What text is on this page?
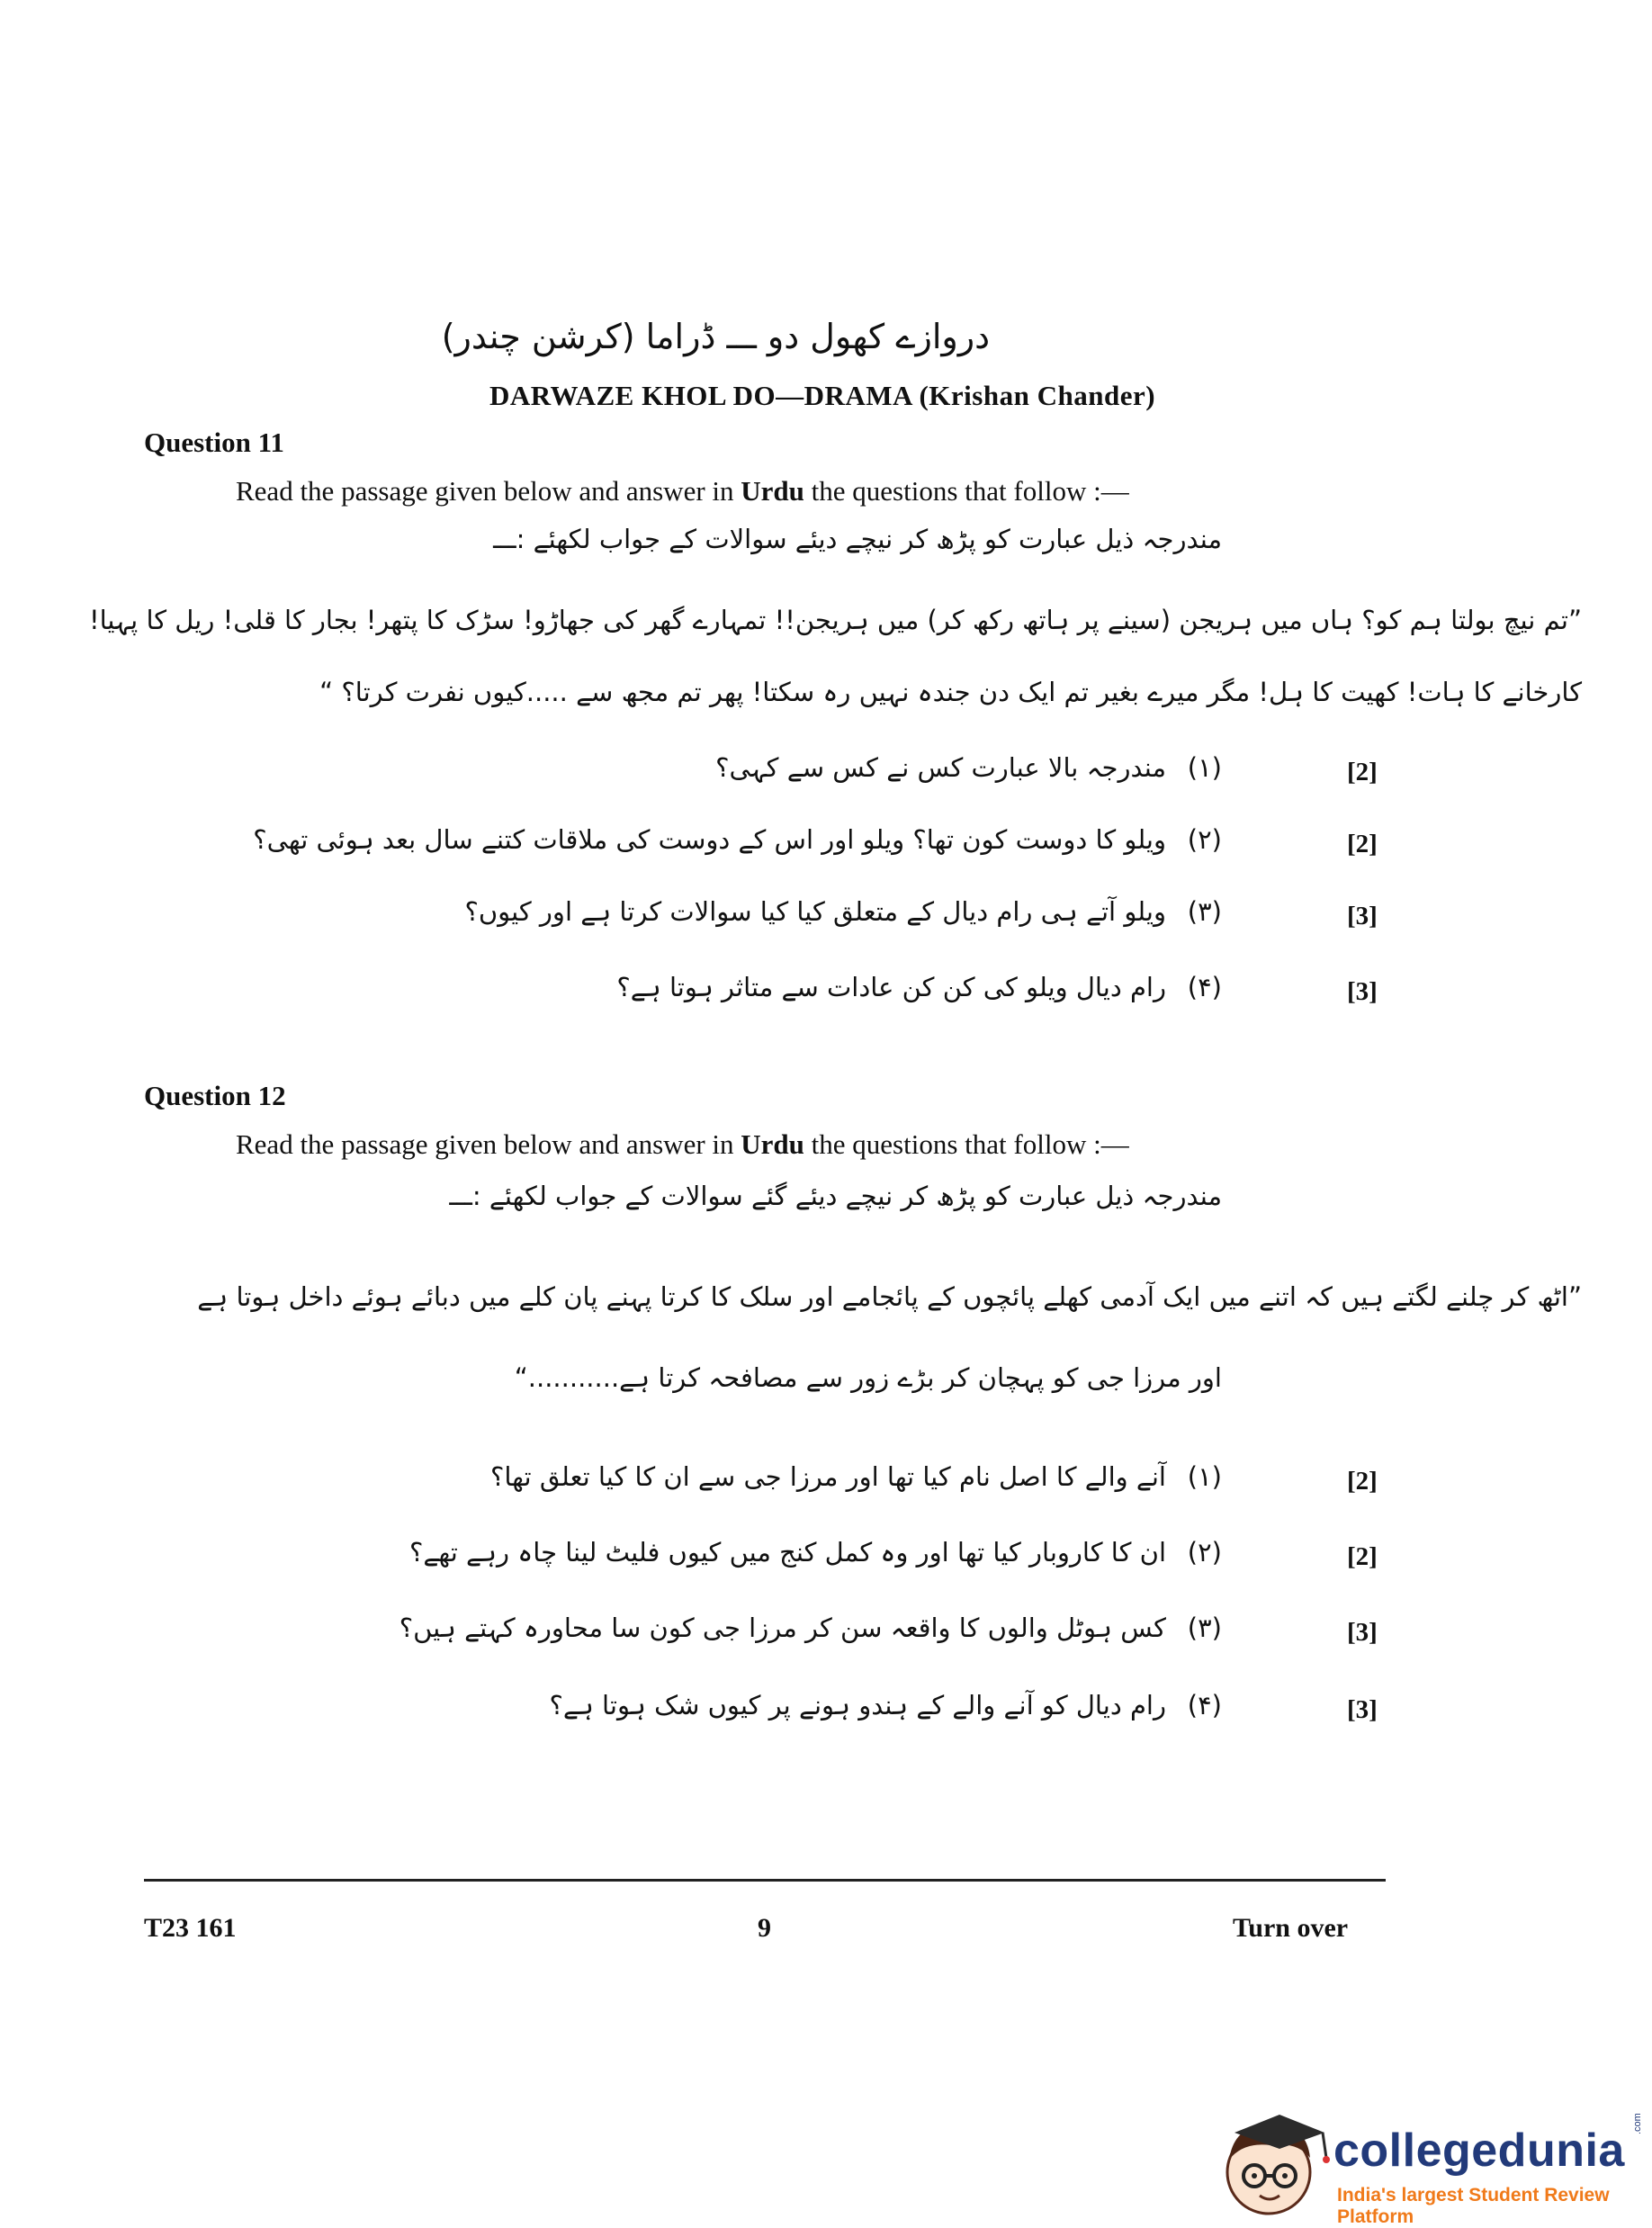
دروازے کھول دو ـــ ڈراما (کرشن چندر)
DARWAZE KHOL DO—DRAMA (Krishan Chander)
Question 11
Read the passage given below and answer in Urdu the questions that follow :—
مندرجہ ذیل عبارت کو پڑھ کر نیچے دیئے سوالات کے جواب لکھئے :ـــ
”تم نیچ بولتا ہم کو؟ ہاں میں ہریجن (سینے پر ہاتھ رکھ کر) میں ہریجن!! تمہارے گھر کی جھاڑو! سڑک کا پتھر! بجار کا قلی! ریل کا پہیا!
کارخانے کا ہات! کھیت کا ہل! مگر میرے بغیر تم ایک دن جندہ نہیں رہ سکتا! پھر تم مجھ سے .....کیوں نفرت کرتا؟ “
(۱)
مندرجہ بالا عبارت کس نے کس سے کہی؟	[2]
(۲)
ویلو کا دوست کون تھا؟ ویلو اور اس کے دوست کی ملاقات کتنے سال بعد ہوئی تھی؟	[2]
(۳)
ویلو آتے ہی رام دیال کے متعلق کیا کیا سوالات کرتا ہے اور کیوں؟	[3]
(۴)
رام دیال ویلو کی کن کن عادات سے متاثر ہوتا ہے؟	[3]
Question 12
Read the passage given below and answer in Urdu the questions that follow :—
مندرجہ ذیل عبارت کو پڑھ کر نیچے دیئے گئے سوالات کے جواب لکھئے :ـــ
”اٹھ کر چلنے لگتے ہیں کہ اتنے میں ایک آدمی کھلے پائچوں کے پائجامے اور سلک کا کرتا پہنے پان کلے میں دبائے ہوئے داخل ہوتا ہے
اور مرزا جی کو پہچان کر بڑے زور سے مصافحہ کرتا ہے...........“
(۱)
آنے والے کا اصل نام کیا تھا اور مرزا جی سے ان کا کیا تعلق تھا؟	[2]
(۲)
ان کا کاروبار کیا تھا اور وہ کمل کنج میں کیوں فلیٹ لینا چاہ رہے تھے؟	[2]
(۳)
کس ہوٹل والوں کا واقعہ سن کر مرزا جی کون سا محاورہ کہتے ہیں؟	[3]
(۴)
رام دیال کو آنے والے کے ہندو ہونے پر کیوں شک ہوتا ہے؟	[3]
T23 161	9	Turn over
collegedunia
India's largest Student Review Platform
.com
